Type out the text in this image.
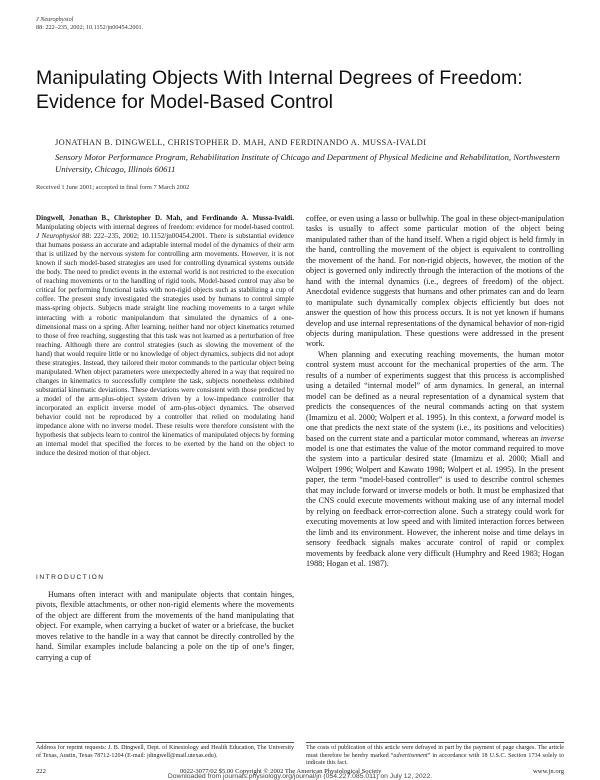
J Neurophysiol
88: 222–235, 2002; 10.1152/jn00454.2001.
Manipulating Objects With Internal Degrees of Freedom: Evidence for Model-Based Control
JONATHAN B. DINGWELL, CHRISTOPHER D. MAH, AND FERDINANDO A. MUSSA-IVALDI
Sensory Motor Performance Program, Rehabilitation Institute of Chicago and Department of Physical Medicine and Rehabilitation, Northwestern University, Chicago, Illinois 60611
Received 1 June 2001; accepted in final form 7 March 2002
Dingwell, Jonathan B., Christopher D. Mah, and Ferdinando A. Mussa-Ivaldi. Manipulating objects with internal degrees of freedom: evidence for model-based control. J Neurophysiol 88: 222–235, 2002; 10.1152/jn00454.2001. There is substantial evidence that humans possess an accurate and adaptable internal model of the dynamics of their arm that is utilized by the nervous system for controlling arm movements. However, it is not known if such model-based strategies are used for controlling dynamical systems outside the body. The need to predict events in the external world is not restricted to the execution of reaching movements or to the handling of rigid tools. Model-based control may also be critical for performing functional tasks with non-rigid objects such as stabilizing a cup of coffee. The present study investigated the strategies used by humans to control simple mass-spring objects. Subjects made straight line reaching movements to a target while interacting with a robotic manipulandum that simulated the dynamics of a one-dimensional mass on a spring. After learning, neither hand nor object kinematics returned to those of free reaching, suggesting that this task was not learned as a perturbation of free reaching. Although there are control strategies (such as slowing the movement of the hand) that would require little or no knowledge of object dynamics, subjects did not adopt these strategies. Instead, they tailored their motor commands to the particular object being manipulated. When object parameters were unexpectedly altered in a way that required no changes in kinematics to successfully complete the task, subjects nonetheless exhibited substantial kinematic deviations. These deviations were consistent with those predicted by a model of the arm-plus-object system driven by a low-impedance controller that incorporated an explicit inverse model of arm-plus-object dynamics. The observed behavior could not be reproduced by a controller that relied on modulating hand impedance alone with no inverse model. These results were therefore consistent with the hypothesis that subjects learn to control the kinematics of manipulated objects by forming an internal model that specified the forces to be exerted by the hand on the object to induce the desired motion of that object.
INTRODUCTION
Humans often interact with and manipulate objects that contain hinges, pivots, flexible attachments, or other non-rigid elements where the movements of the object are different from the movements of the hand manipulating that object. For example, when carrying a bucket of water or a briefcase, the bucket moves relative to the handle in a way that cannot be directly controlled by the hand. Similar examples include balancing a pole on the tip of one’s finger, carrying a cup of

coffee, or even using a lasso or bullwhip. The goal in these object-manipulation tasks is usually to affect some particular motion of the object being manipulated rather than of the hand itself. When a rigid object is held firmly in the hand, controlling the movement of the object is equivalent to controlling the movement of the hand. For non-rigid objects, however, the motion of the object is governed only indirectly through the interaction of the motions of the hand with the internal dynamics (i.e., degrees of freedom) of the object. Anecdotal evidence suggests that humans and other primates can and do learn to manipulate such dynamically complex objects efficiently but does not answer the question of how this process occurs. It is not yet known if humans develop and use internal representations of the dynamical behavior of non-rigid objects during manipulation. These questions were addressed in the present work.

When planning and executing reaching movements, the human motor control system must account for the mechanical properties of the arm. The results of a number of experiments suggest that this process is accomplished using a detailed “internal model” of arm dynamics. In general, an internal model can be defined as a neural representation of a dynamical system that predicts the consequences of the neural commands acting on that system (Imamizu et al. 2000; Wolpert et al. 1995). In this context, a forward model is one that predicts the next state of the system (i.e., its positions and velocities) based on the current state and a particular motor command, whereas an inverse model is one that estimates the value of the motor command required to move the system into a particular desired state (Imamizu et al. 2000; Miall and Wolpert 1996; Wolpert and Kawato 1998; Wolpert et al. 1995). In the present paper, the term “model-based controller” is used to describe control schemes that may include forward or inverse models or both. It must be emphasized that the CNS could execute movements without making use of any internal model by relying on feedback error-correction alone. Such a strategy could work for executing movements at low speed and with limited interaction forces between the limb and its environment. However, the inherent noise and time delays in sensory feedback signals makes accurate control of rapid or complex movements by feedback alone very difficult (Humphry and Reed 1983; Hogan 1988; Hogan et al. 1987).

Address for reprint requests: J. B. Dingwell, Dept. of Kinesiology and Health Education, The University of Texas, Austin, Texas 78712-1204 (E-mail: jdingwell@mail.utexas.edu).
The costs of publication of this article were defrayed in part by the payment of page charges. The article must therefore be hereby marked “advertisement” in accordance with 18 U.S.C. Section 1734 solely to indicate this fact.
222	0022-3077/02 $5.00 Copyright © 2002 The American Physiological Society	www.jn.org
Downloaded from journals.physiology.org/journal/jn (054.227.085.011) on July 12, 2022.
